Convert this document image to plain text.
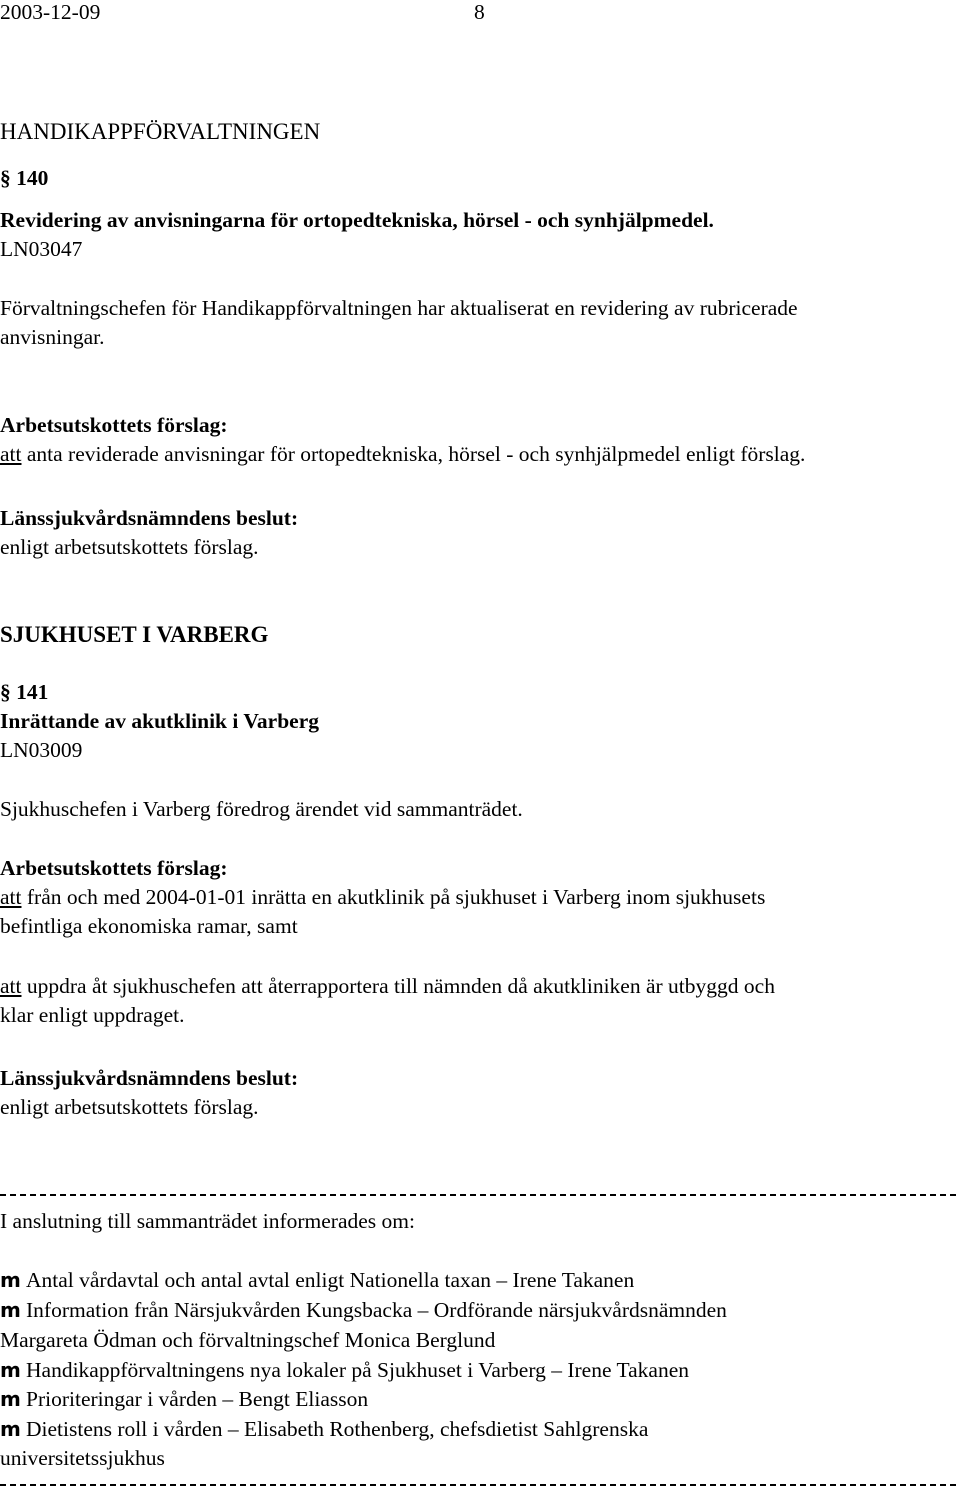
2003-12-09	8
HANDIKAPPFÖRVALTNINGEN
§ 140
Revidering av anvisningarna för ortopedtekniska, hörsel - och synhjälpmedel.
LN03047
Förvaltningschefen för Handikappförvaltningen har aktualiserat en revidering av rubricerade
anvisningar.
Arbetsutskottets förslag:
att anta reviderade anvisningar för ortopedtekniska, hörsel - och synhjälpmedel enligt förslag.
Länssjukvårdsnämndens beslut:
enligt arbetsutskottets förslag.
SJUKHUSET I VARBERG
§ 141
Inrättande av akutklinik i Varberg
LN03009
Sjukhuschefen i Varberg föredrog ärendet vid sammanträdet.
Arbetsutskottets förslag:
att från och med 2004-01-01 inrätta en akutklinik på sjukhuset i Varberg inom sjukhusets
befintliga ekonomiska ramar, samt
att uppdra åt sjukhuschefen att återrapportera till nämnden då akutkliniken är utbyggd och
klar enligt uppdraget.
Länssjukvårdsnämndens beslut:
enligt arbetsutskottets förslag.
I anslutning till sammanträdet informerades om:
m Antal vårdavtal och antal avtal enligt Nationella taxan – Irene Takanen
m Information från Närsjukvården Kungsbacka – Ordförande närsjukvårdsnämnden
Margareta Ödman och förvaltningschef Monica Berglund
m Handikappförvaltningens nya lokaler på Sjukhuset i Varberg – Irene Takanen
m Prioriteringar i vården – Bengt Eliasson
m Dietistens roll i vården – Elisabeth Rothenberg, chefsdietist Sahlgrenska
universitetssjukhus
